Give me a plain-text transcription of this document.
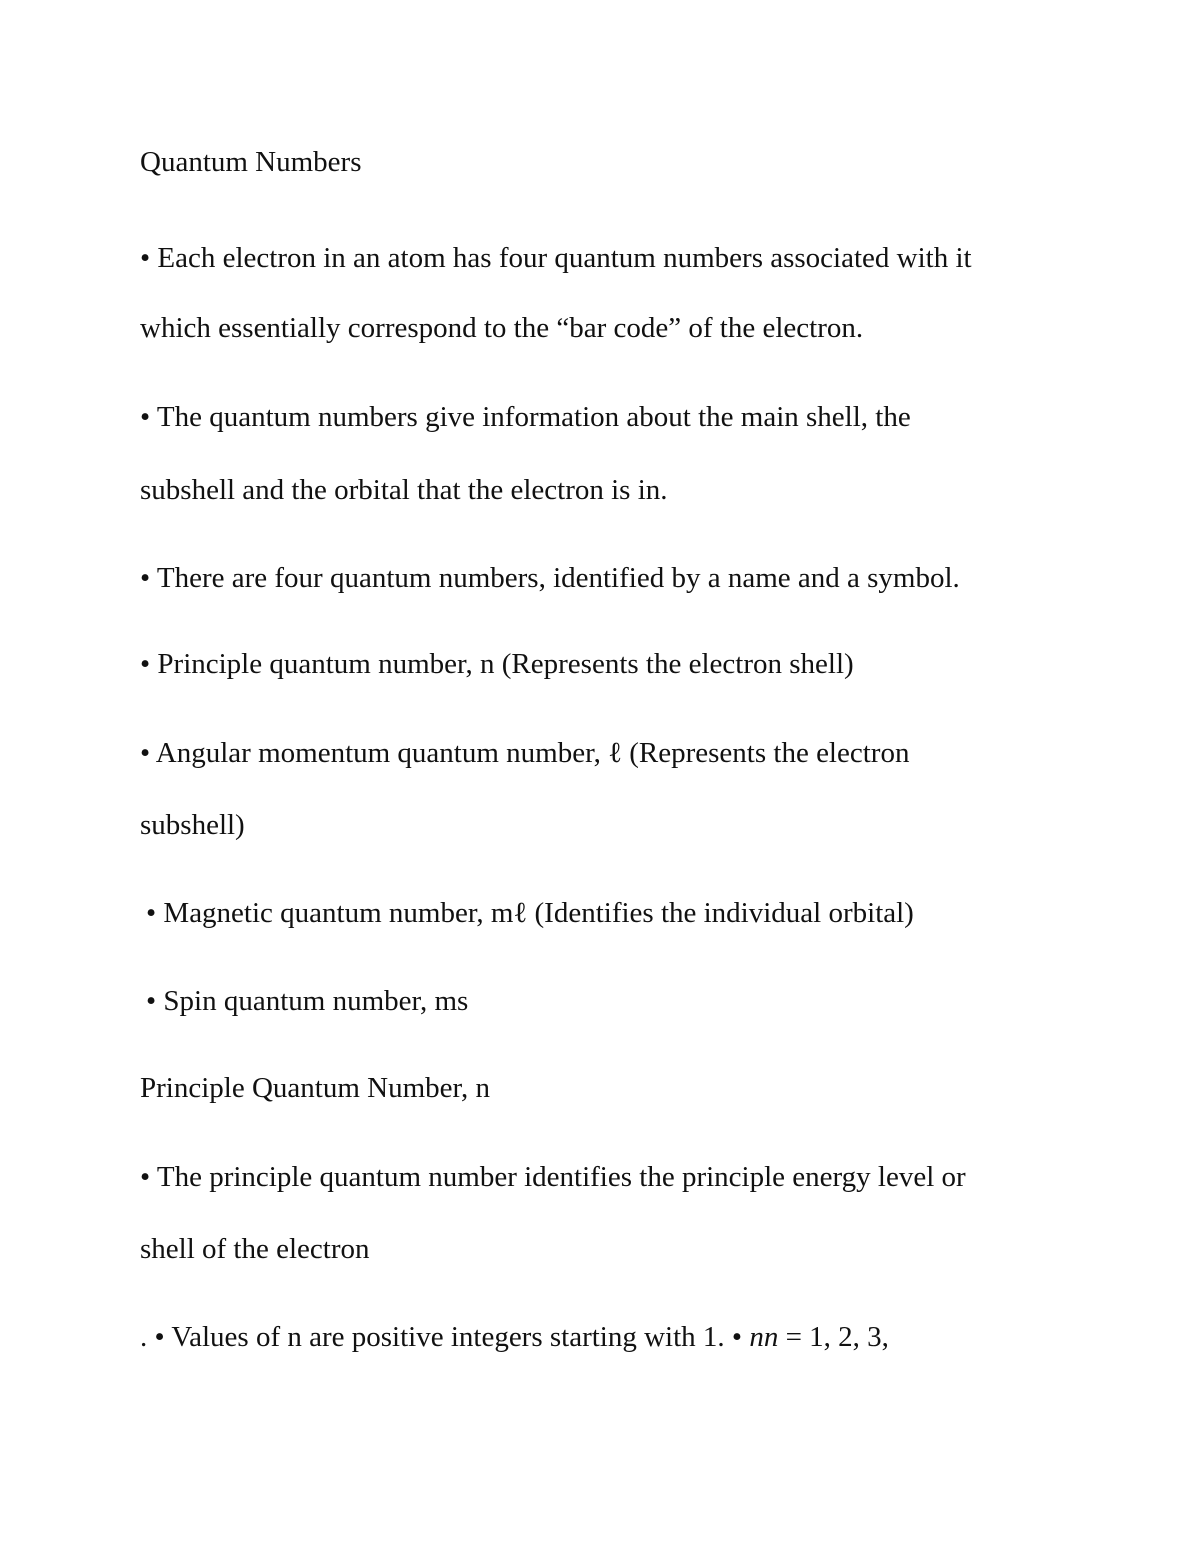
Quantum Numbers
• Each electron in an atom has four quantum numbers associated with it
which essentially correspond to the “bar code” of the electron.
• The quantum numbers give information about the main shell, the
subshell and the orbital that the electron is in.
• There are four quantum numbers, identified by a name and a symbol.
• Principle quantum number, n (Represents the electron shell)
• Angular momentum quantum number, ℓ (Represents the electron
subshell)
• Magnetic quantum number, mℓ (Identifies the individual orbital)
• Spin quantum number, ms
Principle Quantum Number, n
• The principle quantum number identifies the principle energy level or
shell of the electron
. • Values of n are positive integers starting with 1. • nn = 1, 2, 3,
